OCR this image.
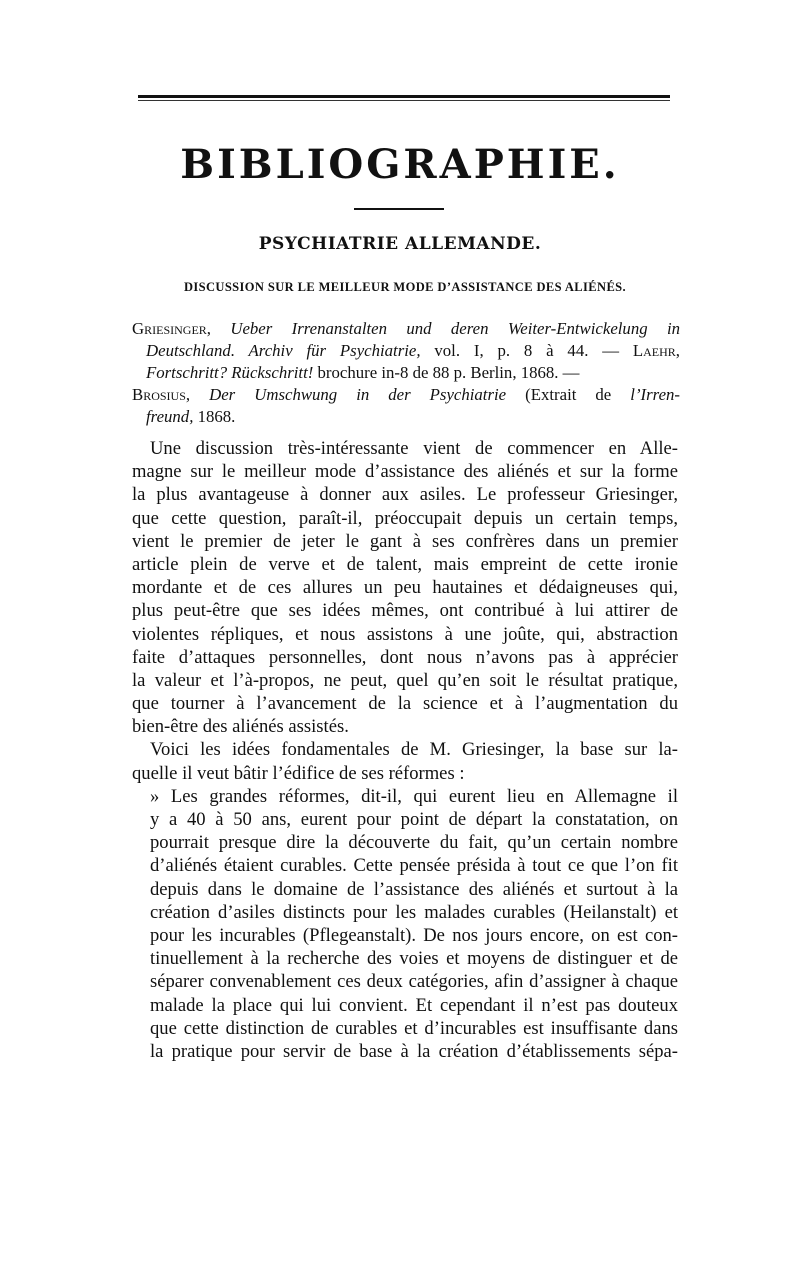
BIBLIOGRAPHIE.
PSYCHIATRIE ALLEMANDE.
DISCUSSION SUR LE MEILLEUR MODE D’ASSISTANCE DES ALIÉNÉS.
Griesinger, Ueber Irrenanstalten und deren Weiter-Entwickelung in
Deutschland. Archiv für Psychiatrie, vol. I, p. 8 à 44. — Laehr,
Fortschritt? Rückschritt! brochure in-8 de 88 p. Berlin, 1868. —
Brosius, Der Umschwung in der Psychiatrie (Extrait de l’Irren-
freund, 1868.
Une discussion très-intéressante vient de commencer en Alle-
magne sur le meilleur mode d’assistance des aliénés et sur la forme
la plus avantageuse à donner aux asiles. Le professeur Griesinger,
que cette question, paraît-il, préoccupait depuis un certain temps,
vient le premier de jeter le gant à ses confrères dans un premier
article plein de verve et de talent, mais empreint de cette ironie
mordante et de ces allures un peu hautaines et dédaigneuses qui,
plus peut-être que ses idées mêmes, ont contribué à lui attirer de
violentes répliques, et nous assistons à une joûte, qui, abstraction
faite d’attaques personnelles, dont nous n’avons pas à apprécier
la valeur et l’à-propos, ne peut, quel qu’en soit le résultat pratique,
que tourner à l’avancement de la science et à l’augmentation du
bien-être des aliénés assistés.
Voici les idées fondamentales de M. Griesinger, la base sur la-
quelle il veut bâtir l’édifice de ses réformes :
» Les grandes réformes, dit-il, qui eurent lieu en Allemagne il
y a 40 à 50 ans, eurent pour point de départ la constatation, on
pourrait presque dire la découverte du fait, qu’un certain nombre
d’aliénés étaient curables. Cette pensée présida à tout ce que l’on fit
depuis dans le domaine de l’assistance des aliénés et surtout à la
création d’asiles distincts pour les malades curables (Heilanstalt) et
pour les incurables (Pflegeanstalt). De nos jours encore, on est con-
tinuellement à la recherche des voies et moyens de distinguer et de
séparer convenablement ces deux catégories, afin d’assigner à chaque
malade la place qui lui convient. Et cependant il n’est pas douteux
que cette distinction de curables et d’incurables est insuffisante dans
la pratique pour servir de base à la création d’établissements sépa-
